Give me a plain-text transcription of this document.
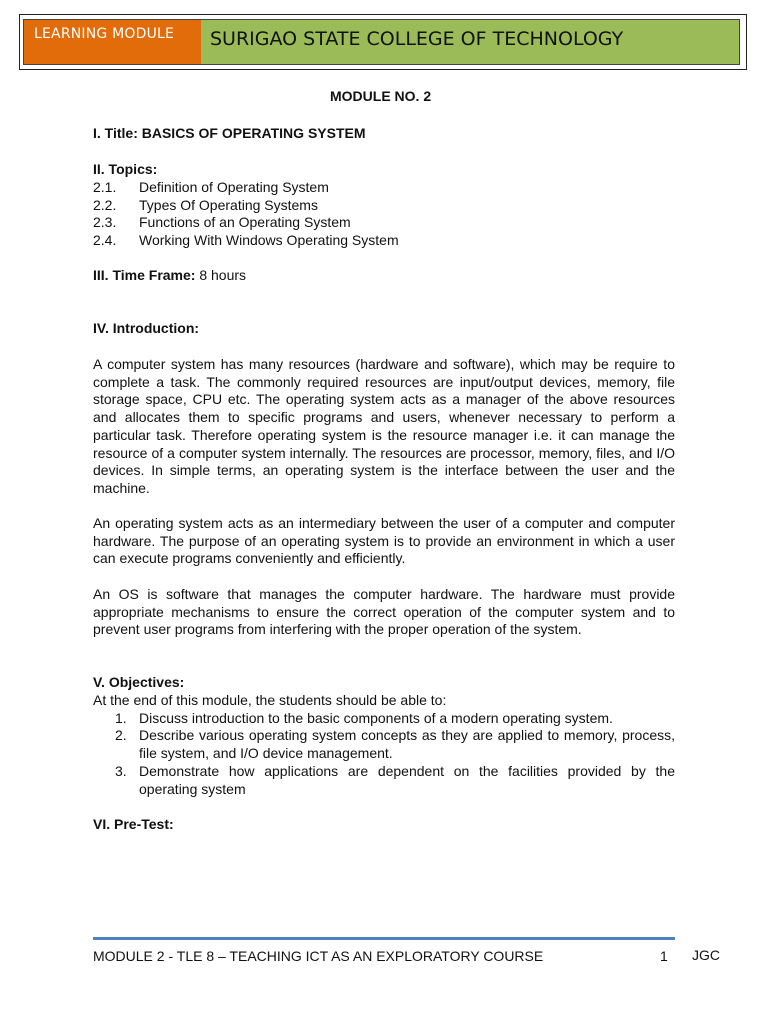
LEARNING MODULE	SURIGAO STATE COLLEGE OF TECHNOLOGY
MODULE NO. 2
I. Title: BASICS OF OPERATING SYSTEM
II. Topics:
2.1. Definition of Operating System
2.2. Types Of Operating Systems
2.3. Functions of an Operating System
2.4. Working With Windows Operating System
III. Time Frame: 8 hours
IV. Introduction:
A computer system has many resources (hardware and software), which may be require to complete a task. The commonly required resources are input/output devices, memory, file storage space, CPU etc. The operating system acts as a manager of the above resources and allocates them to specific programs and users, whenever necessary to perform a particular task. Therefore operating system is the resource manager i.e. it can manage the resource of a computer system internally. The resources are processor, memory, files, and I/O devices. In simple terms, an operating system is the interface between the user and the machine.
An operating system acts as an intermediary between the user of a computer and computer hardware. The purpose of an operating system is to provide an environment in which a user can execute programs conveniently and efficiently.
An OS is software that manages the computer hardware. The hardware must provide appropriate mechanisms to ensure the correct operation of the computer system and to prevent user programs from interfering with the proper operation of the system.
V. Objectives:
At the end of this module, the students should be able to:
1. Discuss introduction to the basic components of a modern operating system.
2. Describe various operating system concepts as they are applied to memory, process, file system, and I/O device management.
3. Demonstrate how applications are dependent on the facilities provided by the operating system
VI. Pre-Test:
MODULE 2 - TLE 8 – TEACHING ICT AS AN EXPLORATORY COURSE	1 JGC
